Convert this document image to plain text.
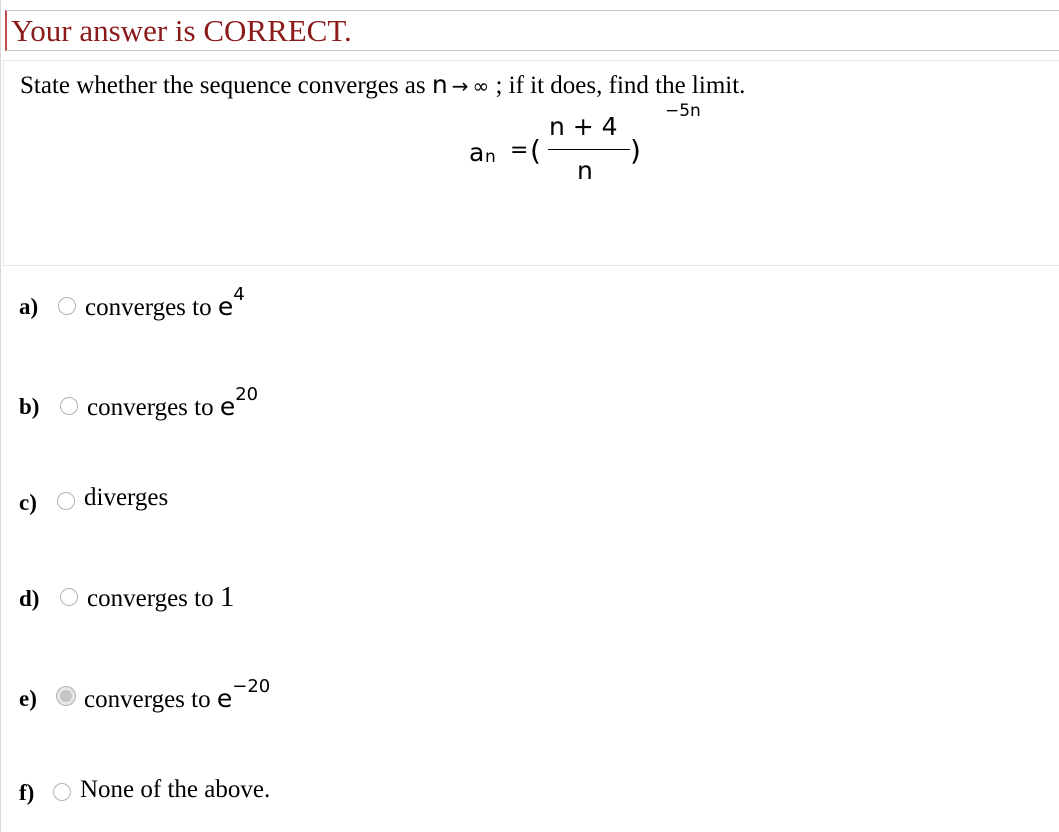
Your answer is CORRECT.
State whether the sequence converges as n → ∞ ; if it does, find the limit.
a n = (
n + 4
n
)
−5n
a) converges to $e^4$
b) converges to $e^{20}$
c) diverges
d) converges to 1
e) converges to $e^{-20}$
f) None of the above.
